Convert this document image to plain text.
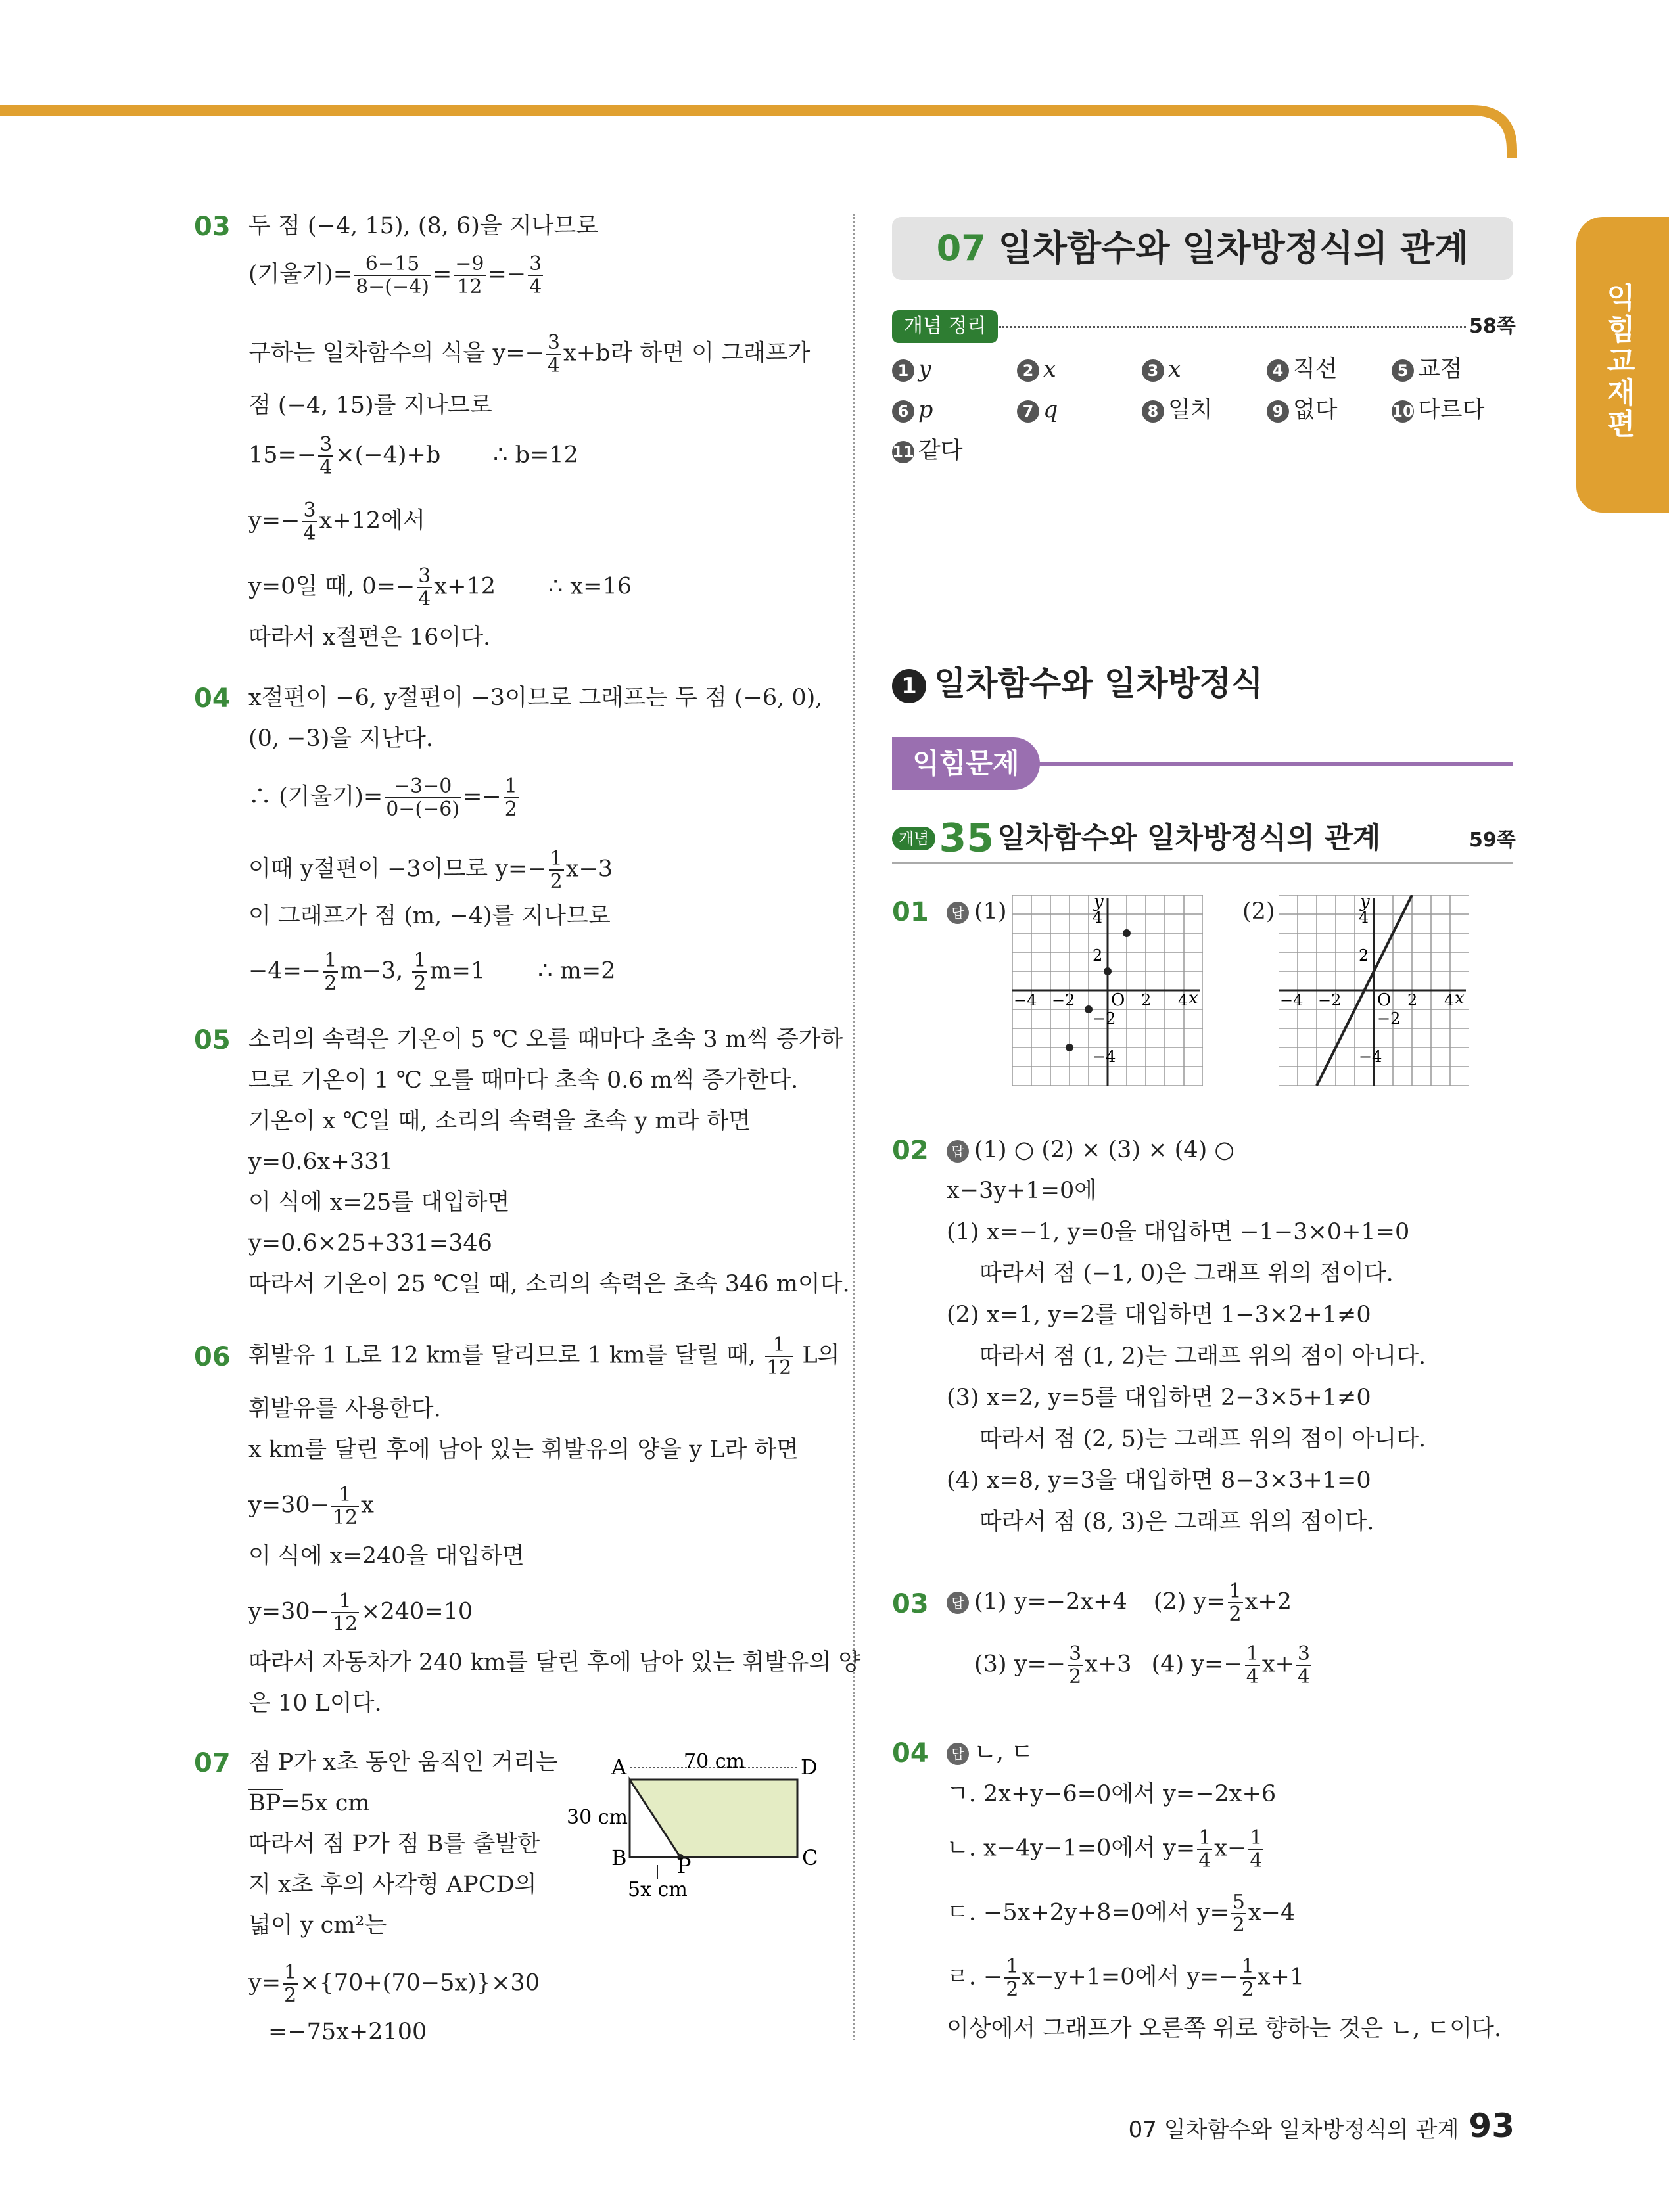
익힘교재편
03 두 점 (−4, 15), (8, 6)을 지나므로
(기울기)= $\frac{6-15}{8-(-4)} = \frac{-9}{12} =- \frac{3}{4}$
구하는 일차함수의 식을 $y=- \frac{3}{4} x+b$라 하면 이 그래프가
점 (−4, 15)를 지나므로
$15=- \frac{3}{4} \times(-4)+b$ ∴ b=12
$y=- \frac{3}{4} x+12$에서
y=0일 때, $0=- \frac{3}{4} x+12$ ∴ x=16
따라서 x절편은 16이다.
04 x절편이 −6, y절편이 −3이므로 그래프는 두 점 (−6, 0),
(0, −3)을 지난다.
∴ (기울기)= $\frac{-3-0}{0-(-6)} =- \frac{1}{2}$
이때 y절편이 −3이므로 $y=- \frac{1}{2} x-3$
이 그래프가 점 (m, −4)를 지나므로
$-4=- \frac{1}{2} m-3$, $\frac{1}{2} m=1$ ∴ m=2
05 소리의 속력은 기온이 5 ℃ 오를 때마다 초속 3 m씩 증가하
므로 기온이 1 ℃ 오를 때마다 초속 0.6 m씩 증가한다.
기온이 x ℃일 때, 소리의 속력을 초속 y m라 하면
y=0.6x+331
이 식에 x=25를 대입하면
y=0.6×25+331=346
따라서 기온이 25 ℃일 때, 소리의 속력은 초속 346 m이다.
06 휘발유 1 L로 12 km를 달리므로 1 km를 달릴 때, $\frac{1}{12}$ L의
휘발유를 사용한다.
x km를 달린 후에 남아 있는 휘발유의 양을 y L라 하면
$y=30- \frac{1}{12}$ x
이 식에 x=240을 대입하면
$y=30- \frac{1}{12} \times 240=10$
따라서 자동차가 240 km를 달린 후에 남아 있는 휘발유의 양
은 10 L이다.
07 점 P가 x초 동안 움직인 거리는
BP=5x cm
따라서 점 P가 점 B를 출발한
지 x초 후의 사각형 APCD의
넓이 y cm²는
$y= \frac{1}{2} \times\{70+(70-5x)\}\times 30$
=−75x+2100
A	D
B	C
P
70 cm
30 cm
5x cm
07 일차함수와 일차방정식의 관계
개념 정리	58쪽
1 y	2 x	3 x	4 직선	5 교점
6 p	7 q	8 일치	9 없다	10 다르다
11 같다
1 일차함수와 일차방정식
익힘문제
개념 35 일차함수와 일차방정식의 관계	59쪽
01	답 (1)	(2)
x
y
O
4
2
−2
−4
−4 −2	2 4	x
y
O
4
2
−2
−4
−4 −2	2 4
02	답 (1) ○ (2) × (3) × (4) ○
x−3y+1=0에
(1) x=−1, y=0을 대입하면 −1−3×0+1=0
따라서 점 (−1, 0)은 그래프 위의 점이다.
(2) x=1, y=2를 대입하면 1−3×2+1≠0
따라서 점 (1, 2)는 그래프 위의 점이 아니다.
(3) x=2, y=5를 대입하면 2−3×5+1≠0
따라서 점 (2, 5)는 그래프 위의 점이 아니다.
(4) x=8, y=3을 대입하면 8−3×3+1=0
따라서 점 (8, 3)은 그래프 위의 점이다.
03	답 (1) y=−2x+4 (2) $y= \frac{1}{2} x+2$
(3) $y=- \frac{3}{2} x+3$ (4) $y=- \frac{1}{4} x+ \frac{3}{4}$
04	답 ㄴ, ㄷ
ㄱ. 2x+y−6=0에서 y=−2x+6
ㄴ. x−4y−1=0에서 $y= \frac{1}{4} x- \frac{1}{4}$
ㄷ. −5x+2y+8=0에서 $y= \frac{5}{2} x-4$
ㄹ. − $\frac{1}{2} x-y+1=0$에서 $y=- \frac{1}{2} x+1$
이상에서 그래프가 오른쪽 위로 향하는 것은 ㄴ, ㄷ이다.
07 일차함수와 일차방정식의 관계 93
